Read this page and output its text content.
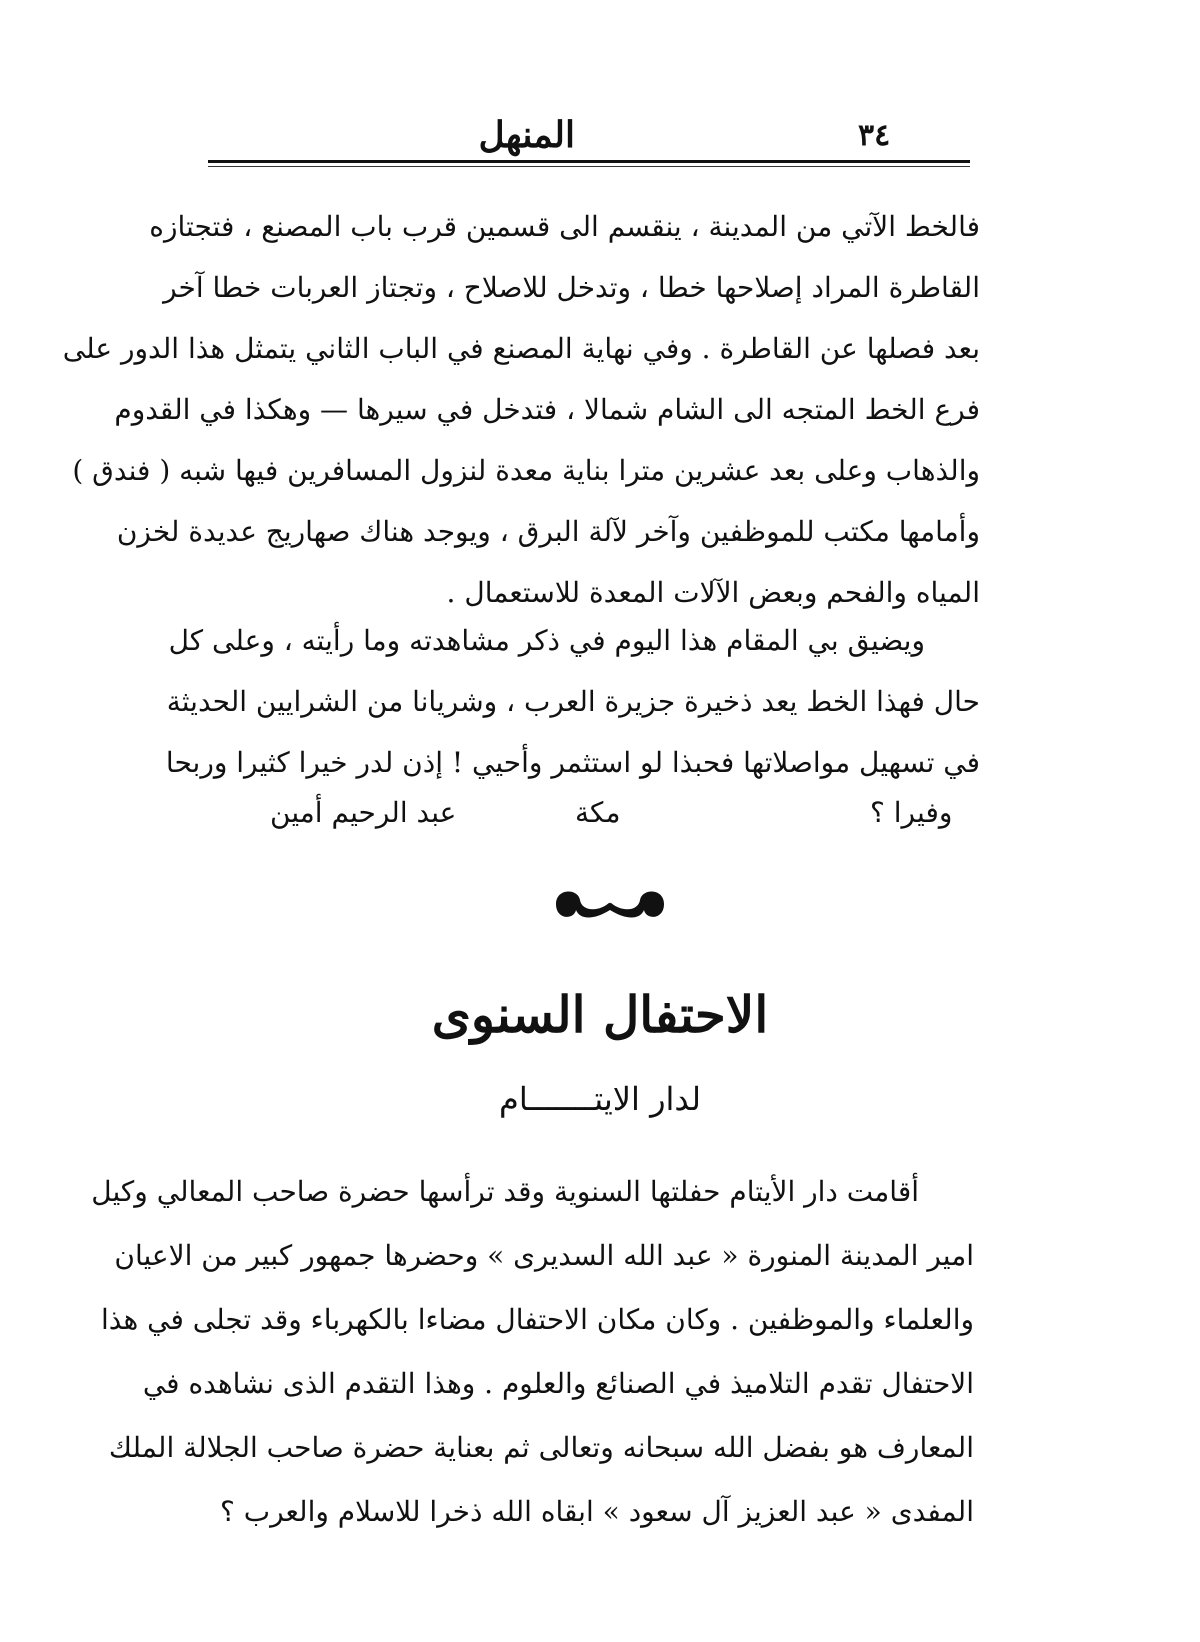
٣٤
المنهل
فالخط الآتي من المدينة ، ينقسم الى قسمين قرب باب المصنع ، فتجتازه
القاطرة المراد إصلاحها خطا ، وتدخل للاصلاح ، وتجتاز العربات خطا آخر
بعد فصلها عن القاطرة . وفي نهاية المصنع في الباب الثاني يتمثل هذا الدور على
فرع الخط المتجه الى الشام شمالا ، فتدخل في سيرها — وهكذا في القدوم
والذهاب وعلى بعد عشرين مترا بناية معدة لنزول المسافرين فيها شبه ( فندق )
وأمامها مكتب للموظفين وآخر لآلة البرق ، ويوجد هناك صهاريج عديدة لخزن
المياه والفحم وبعض الآلات المعدة للاستعمال .
ويضيق بي المقام هذا اليوم في ذكر مشاهدته وما رأيته ، وعلى كل
حال فهذا الخط يعد ذخيرة جزيرة العرب ، وشريانا من الشرايين الحديثة
في تسهيل مواصلاتها فحبذا لو استثمر وأحيي ! إذن لدر خيرا كثيرا وربحا
وفيرا ؟
مكة
عبد الرحيم أمين
الاحتفال السنوى
لدار الايتـــــــام
أقامت دار الأيتام حفلتها السنوية وقد ترأسها حضرة صاحب المعالي وكيل
امير المدينة المنورة « عبد الله السديرى » وحضرها جمهور كبير من الاعيان
والعلماء والموظفين . وكان مكان الاحتفال مضاءا بالكهرباء وقد تجلى في هذا
الاحتفال تقدم التلاميذ في الصنائع والعلوم . وهذا التقدم الذى نشاهده في
المعارف هو بفضل الله سبحانه وتعالى ثم بعناية حضرة صاحب الجلالة الملك
المفدى « عبد العزيز آل سعود » ابقاه الله ذخرا للاسلام والعرب ؟
